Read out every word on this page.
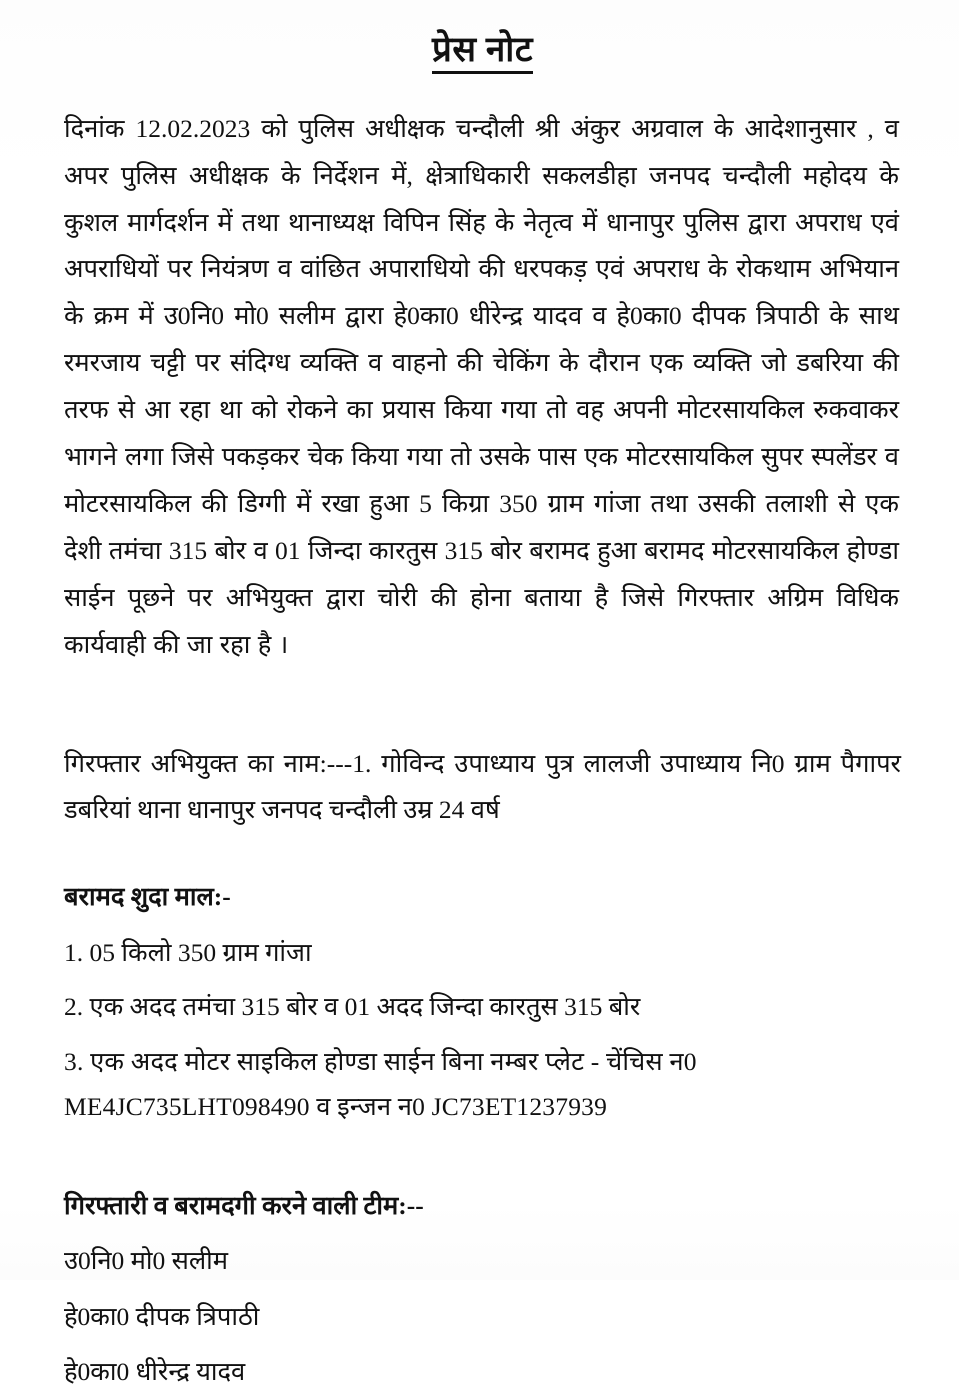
प्रेस नोट

दिनांक 12.02.2023 को पुलिस अधीक्षक चन्दौली श्री अंकुर अग्रवाल के आदेशानुसार , व अपर पुलिस अधीक्षक के निर्देशन में, क्षेत्राधिकारी सकलडीहा जनपद चन्दौली महोदय के कुशल मार्गदर्शन में तथा थानाध्यक्ष विपिन सिंह के नेतृत्व में धानापुर पुलिस द्वारा अपराध एवं अपराधियों पर नियंत्रण व वांछित अपाराधियो की धरपकड़ एवं अपराध के रोकथाम अभियान के क्रम में उ0नि0 मो0 सलीम द्वारा हे0का0 धीरेन्द्र यादव व हे0का0 दीपक त्रिपाठी के साथ रमरजाय चट्टी पर संदिग्ध व्यक्ति व वाहनो की चेकिंग के दौरान एक व्यक्ति जो डबरिया की तरफ से आ रहा था को रोकने का प्रयास किया गया तो वह अपनी मोटरसायकिल रुकवाकर भागने लगा जिसे पकड़कर चेक किया गया तो उसके पास एक मोटरसायकिल सुपर स्पलेंडर व मोटरसायकिल की डिग्गी में रखा हुआ 5 किग्रा 350 ग्राम गांजा तथा उसकी तलाशी से एक देशी तमंचा 315 बोर व 01 जिन्दा कारतुस 315 बोर बरामद हुआ बरामद मोटरसायकिल होण्डा साईन पूछने पर अभियुक्त द्वारा चोरी की होना बताया है जिसे गिरफ्तार अग्रिम विधिक कार्यवाही की जा रहा है ।

गिरफ्तार अभियुक्त का नाम:---1. गोविन्द उपाध्याय पुत्र लालजी उपाध्याय नि0 ग्राम पैगापर डबरियां थाना धानापुर जनपद चन्दौली उम्र 24 वर्ष
बरामद शुदा माल:-
1. 05 किलो 350 ग्राम गांजा
2. एक अदद तमंचा 315 बोर व 01 अदद जिन्दा कारतुस 315 बोर
3. एक अदद मोटर साइकिल होण्डा साईन बिना नम्बर प्लेट - चेंचिस न0 ME4JC735LHT098490 व इन्जन न0 JC73ET1237939
गिरफ्तारी व बरामदगी करने वाली टीम:--
उ0नि0 मो0 सलीम
हे0का0 दीपक त्रिपाठी
हे0का0 धीरेन्द्र यादव
